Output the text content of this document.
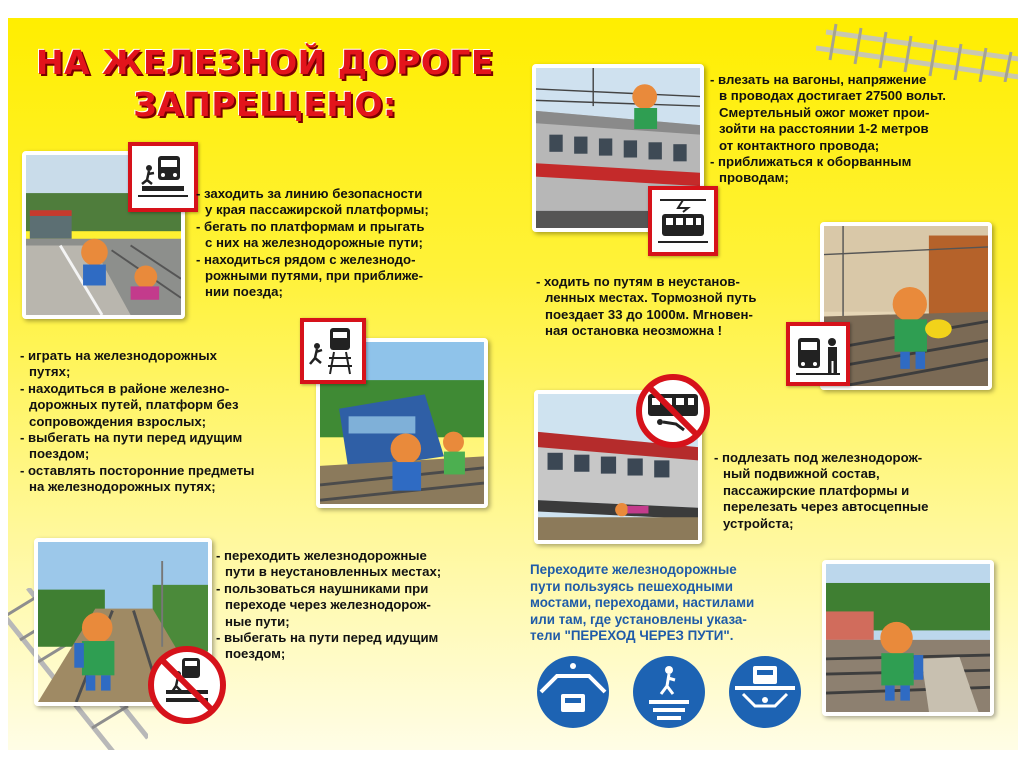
НА ЖЕЛЕЗНОЙ ДОРОГЕ
ЗАПРЕЩЕНО:
- заходить за линию безопасности
у края пассажирской платформы;
- бегать по платформам и прыгать
с них на железнодорожные пути;
- находиться рядом с железнодо-
рожными путями, при приближе-
нии поезда;
- играть на железнодорожных
путях;
- находиться в районе железно-
дорожных путей, платформ без
сопровождения взрослых;
- выбегать на пути перед идущим
поездом;
- оставлять посторонние предметы
на железнодорожных путях;
- переходить железнодорожные
пути в неустановленных местах;
- пользоваться наушниками при
переходе через железнодорож-
ные пути;
- выбегать на пути перед идущим
поездом;
- влезать на вагоны, напряжение
в проводах достигает 27500 вольт.
Смертельный ожог может прои-
зойти на расстоянии 1-2 метров
от контактного провода;
- приближаться к оборванным
проводам;
- ходить по путям в неустанов-
ленных местах. Тормозной путь
поездает 33 до 1000м. Мгновен-
ная остановка неозможна !
- подлезать под железнодорож-
ный подвижной состав,
пассажирские платформы и
перелезать через автосцепные
устройста;
Переходите железнодорожные
пути пользуясь пешеходными
мостами, переходами, настилами
или там, где установлены указа-
тели "ПЕРЕХОД ЧЕРЕЗ ПУТИ".
